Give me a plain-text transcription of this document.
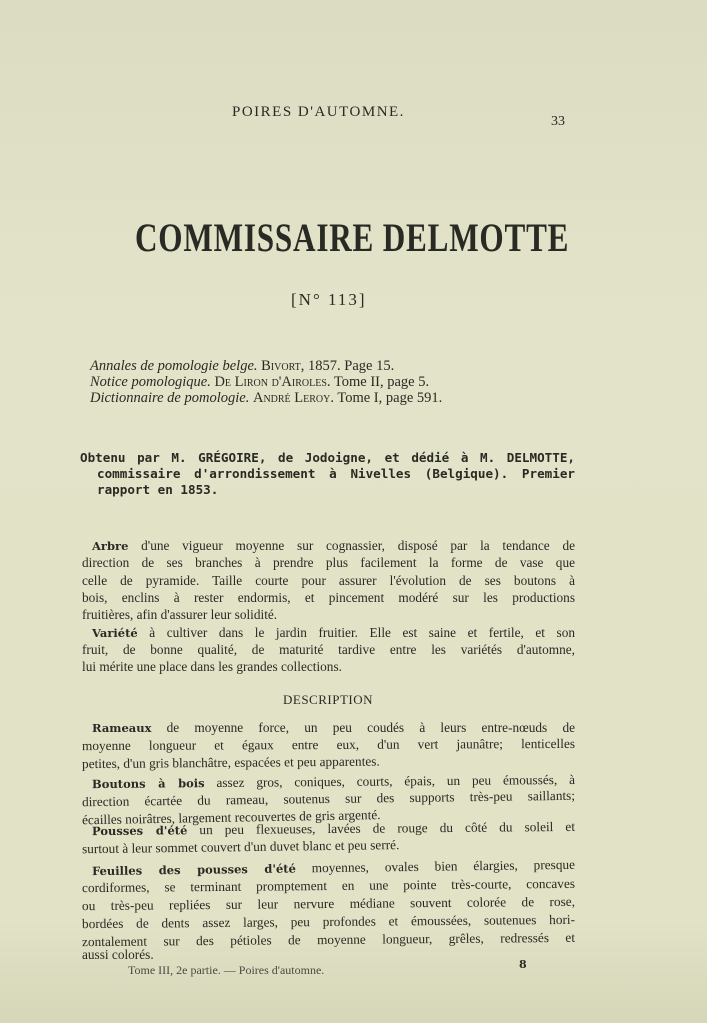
POIRES D'AUTOMNE.
33
COMMISSAIRE DELMOTTE
[N° 113]
Annales de pomologie belge. Bivort, 1857. Page 15.
Notice pomologique. De Liron d'Airoles. Tome II, page 5.
Dictionnaire de pomologie. André Leroy. Tome I, page 591.
Obtenu par M. GRÉGOIRE, de Jodoigne, et dédié à M. DELMOTTE,
commissaire d'arrondissement à Nivelles (Belgique). Premier
rapport en 1853.
Arbre d'une vigueur moyenne sur cognassier, disposé par la tendance de
direction de ses branches à prendre plus facilement la forme de vase que
celle de pyramide. Taille courte pour assurer l'évolution de ses boutons à
bois, enclins à rester endormis, et pincement modéré sur les productions
fruitières, afin d'assurer leur solidité.
Variété à cultiver dans le jardin fruitier. Elle est saine et fertile, et son
fruit, de bonne qualité, de maturité tardive entre les variétés d'automne,
lui mérite une place dans les grandes collections.
Rameaux de moyenne force, un peu coudés à leurs entre-nœuds de
moyenne longueur et égaux entre eux, d'un vert jaunâtre; lenticelles
petites, d'un gris blanchâtre, espacées et peu apparentes.
Boutons à bois assez gros, coniques, courts, épais, un peu émoussés, à
direction écartée du rameau, soutenus sur des supports très-peu saillants;
écailles noirâtres, largement recouvertes de gris argenté.
Pousses d'été un peu flexueuses, lavées de rouge du côté du soleil et
surtout à leur sommet couvert d'un duvet blanc et peu serré.
Feuilles des pousses d'été moyennes, ovales bien élargies, presque
cordiformes, se terminant promptement en une pointe très-courte, concaves
ou très-peu repliées sur leur nervure médiane souvent colorée de rose,
bordées de dents assez larges, peu profondes et émoussées, soutenues hori-
zontalement sur des pétioles de moyenne longueur, grêles, redressés et
aussi colorés.
DESCRIPTION
Tome III, 2e partie. — Poires d'automne.	8
